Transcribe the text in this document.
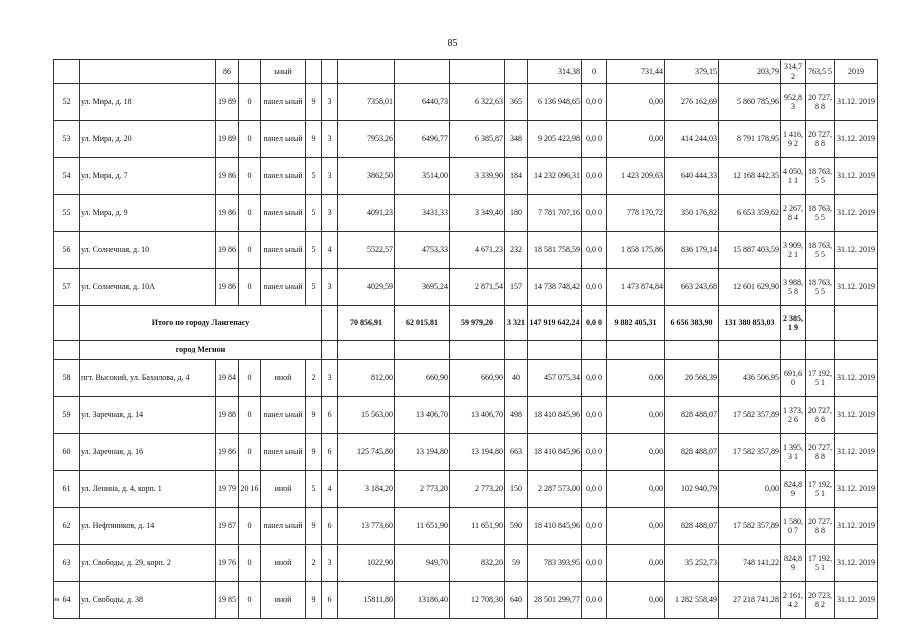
85
		86		ьный							314,38	0	731,44	379,15	203,79	314,7 2	763,5 5	2019
52	ул. Мира, д. 18	19 89	0	панел ьный	9	3	7358,01	6440,73	6 322,63	365	6 136 948,65	0,0 0	0,00	276 162,69	5 860 785,96	952,8 3	20 727,8 8	31.12. 2019
53	ул. Мира, д. 20	19 89	0	панел ьный	9	3	7953,26	6496,77	6 385,87	348	9 205 422,98	0,0 0	0,00	414 244,03	8 791 178,95	1 416,9 2	20 727,8 8	31.12. 2019
54	ул. Мира, д. 7	19 86	0	панел ьный	5	3	3862,50	3514,00	3 339,90	184	14 232 096,31	0,0 0	1 423 209,63	640 444,33	12 168 442,35	4 050,1 1	18 763,5 5	31.12. 2019
55	ул. Мира, д. 9	19 86	0	панел ьный	5	3	4091,23	3431,33	3 349,40	180	7 781 707,16	0,0 0	778 170,72	350 176,82	6 653 359,62	2 267,8 4	18 763,5 5	31.12. 2019
56	ул. Солнечная, д. 10	19 86	0	панел ьный	5	4	5522,57	4753,33	4 671,23	232	18 581 758,59	0,0 0	1 858 175,86	836 179,14	15 887 403,59	3 909,2 1	18 763,5 5	31.12. 2019
57	ул. Солнечная, д. 10А	19 86	0	панел ьный	5	3	4029,59	3695,24	2 871,54	157	14 738 748,42	0,0 0	1 473 874,84	663 243,68	12 601 629,90	3 988,5 8	18 763,5 5	31.12. 2019
	Итого по городу Лангепасу						70 856,91	62 015,81	59 979,20	3 321	147 919 642,24	0,0 0	9 882 405,31	6 656 383,90	131 380 853,03	2 385,1 9		
	город Мегион																	
58	пгт. Высокий, ул. Бахилова, д. 4	19 84	0	иной	2	3	812,00	660,90	660,90	40	457 075,34	0,0 0	0,00	20 568,39	436 506,95	691,6 0	17 192,5 1	31.12. 2019
59	ул. Заречная, д. 14	19 88	0	панел ьный	9	6	15 563,00	13 406,70	13 406,70	498	18 410 845,96	0,0 0	0,00	828 488,07	17 582 357,89	1 373,2 6	20 727,8 8	31.12. 2019
60	ул. Заречная, д. 16	19 86	0	панел ьный	9	6	125 745,80	13 194,80	13 194,80	663	18 410 845,96	0,0 0	0,00	828 488,07	17 582 357,89	1 395,3 1	20 727,8 8	31.12. 2019
61	ул. Ленина, д. 4, корп. 1	19 79	20 16	иной	5	4	3 184,20	2 773,20	2 773,20	150	2 287 573,00	0,0 0	0,00	102 940,79	0,00	824,8 9	17 192,5 1	31.12. 2019
62	ул. Нефтяников, д. 14	19 87	0	панел ьный	9	6	13 773,60	11 651,90	11 651,90	590	18 410 845,96	0,0 0	0,00	828 488,07	17 582 357,89	1 580,0 7	20 727,8 8	31.12. 2019
63	ул. Свободы, д. 29, корп. 2	19 76	0	иной	2	3	1022,90	949,70	832,20	59	783 393,95	0,0 0	0,00	35 252,73	748 141,22	824,8 9	17 192,5 1	31.12. 2019
64	ул. Свободы, д. 38	19 85	0	иной	9	6	15811,80	13186,40	12 708,30	640	28 501 299,77	0,0 0	0,00	1 282 558,49	27 218 741,28	2 161,4 2	20 723,8 2	31.12. 2019
нн
